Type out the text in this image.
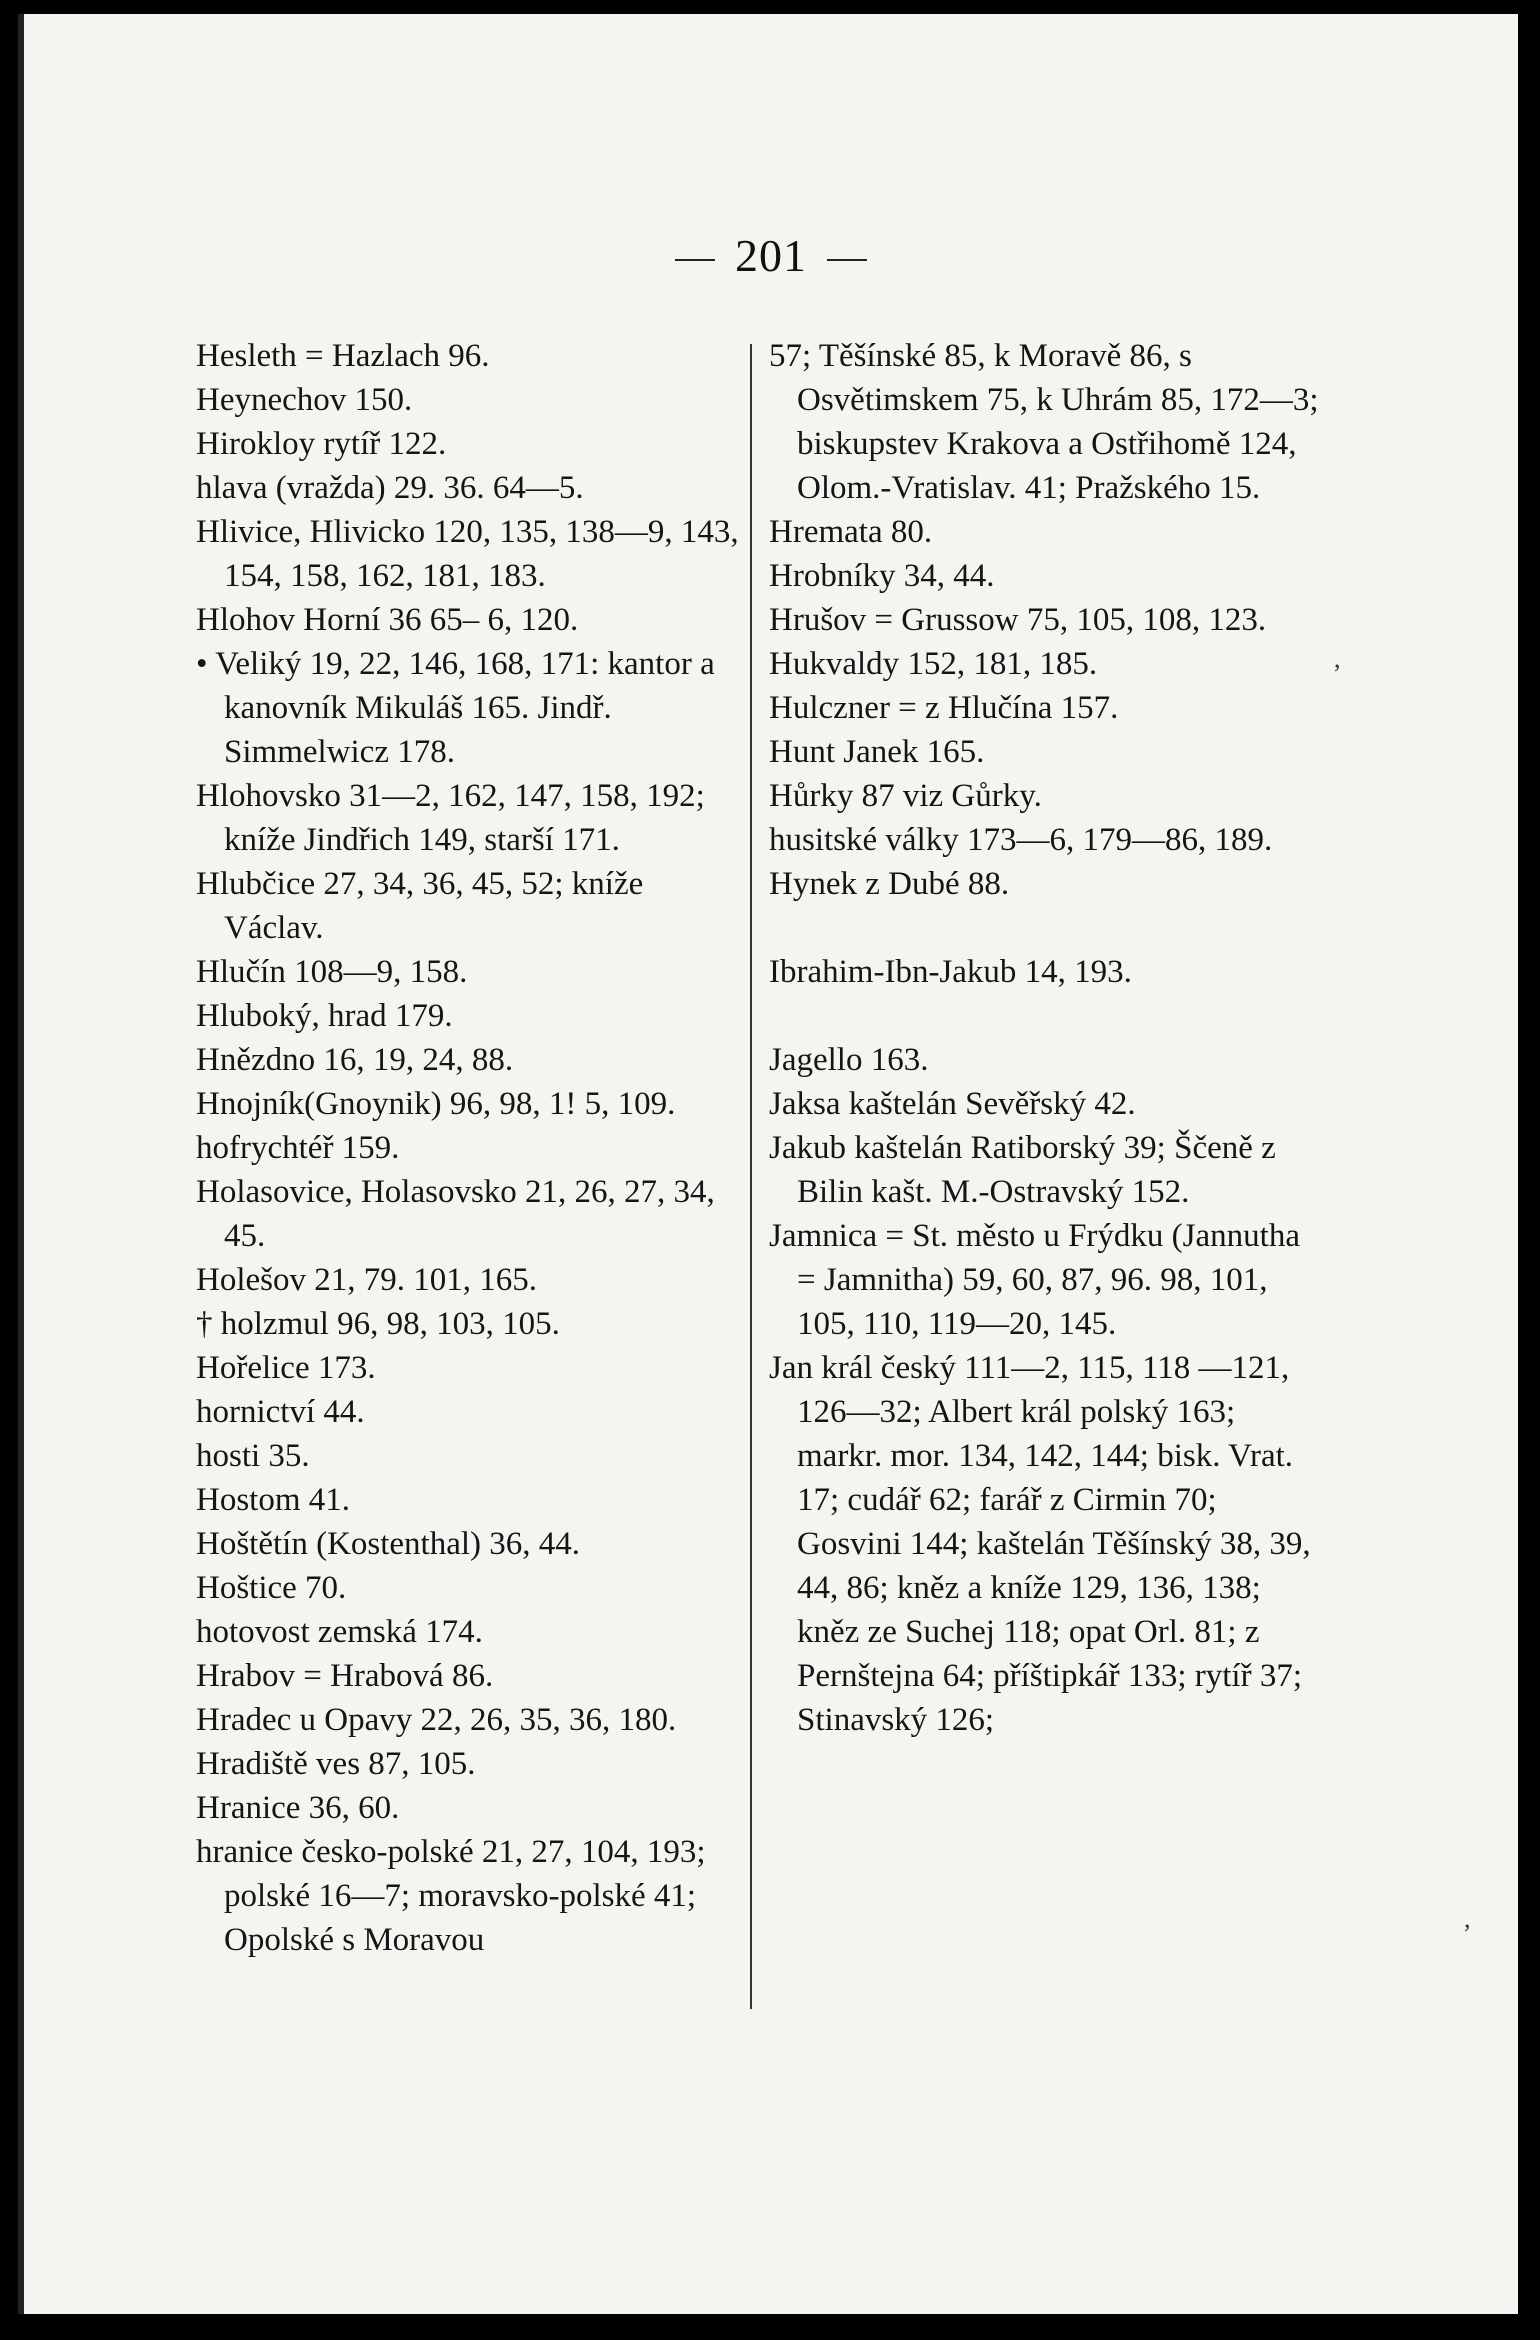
201
Hesleth = Hazlach 96.
Heynechov 150.
Hirokloy rytíř 122.
hlava (vražda) 29. 36. 64—5.
Hlivice, Hlivicko 120, 135, 138—9, 143, 154, 158, 162, 181, 183.
Hlohov Horní 36 65– 6, 120.
• Veliký 19, 22, 146, 168, 171: kantor a kanovník Mikuláš 165. Jindř. Simmelwicz 178.
Hlohovsko 31—2, 162, 147, 158, 192; kníže Jindřich 149, starší 171.
Hlubčice 27, 34, 36, 45, 52; kníže Václav.
Hlučín 108—9, 158.
Hluboký, hrad 179.
Hnězdno 16, 19, 24, 88.
Hnojník(Gnoynik) 96, 98, 1! 5, 109.
hofrychtéř 159.
Holasovice, Holasovsko 21, 26, 27, 34, 45.
Holešov 21, 79. 101, 165.
† holzmul 96, 98, 103, 105.
Hořelice 173.
hornictví 44.
hosti 35.
Hostom 41.
Hoštětín (Kostenthal) 36, 44.
Hoštice 70.
hotovost zemská 174.
Hrabov = Hrabová 86.
Hradec u Opavy 22, 26, 35, 36, 180.
Hradiště ves 87, 105.
Hranice 36, 60.
hranice česko-polské 21, 27, 104, 193; polské 16—7; moravsko-polské 41; Opolské s Moravou
57; Těšínské 85, k Moravě 86, s Osvětimskem 75, k Uhrám 85, 172—3; biskupstev Krakova a Ostřihomě 124, Olom.-Vratislav. 41; Pražského 15.
Hremata 80.
Hrobníky 34, 44.
Hrušov = Grussow 75, 105, 108, 123.
Hukvaldy 152, 181, 185.
Hulczner = z Hlučína 157.
Hunt Janek 165.
Hůrky 87 viz Gůrky.
husitské války 173—6, 179—86, 189.
Hynek z Dubé 88.
Ibrahim-Ibn-Jakub 14, 193.
Jagello 163.
Jaksa kaštelán Sevěřský 42.
Jakub kaštelán Ratiborský 39; Ščeně z Bilin kašt. M.-Ostravský 152.
Jamnica = St. město u Frýdku (Jannutha = Jamnitha) 59, 60, 87, 96. 98, 101, 105, 110, 119—20, 145.
Jan král český 111—2, 115, 118 —121, 126—32; Albert král polský 163; markr. mor. 134, 142, 144; bisk. Vrat. 17; cudář 62; farář z Cirmin 70; Gosvini 144; kaštelán Těšínský 38, 39, 44, 86; kněz a kníže 129, 136, 138; kněz ze Suchej 118; opat Orl. 81; z Pernštejna 64; příštipkář 133; rytíř 37; Stinavský 126;
,
,
